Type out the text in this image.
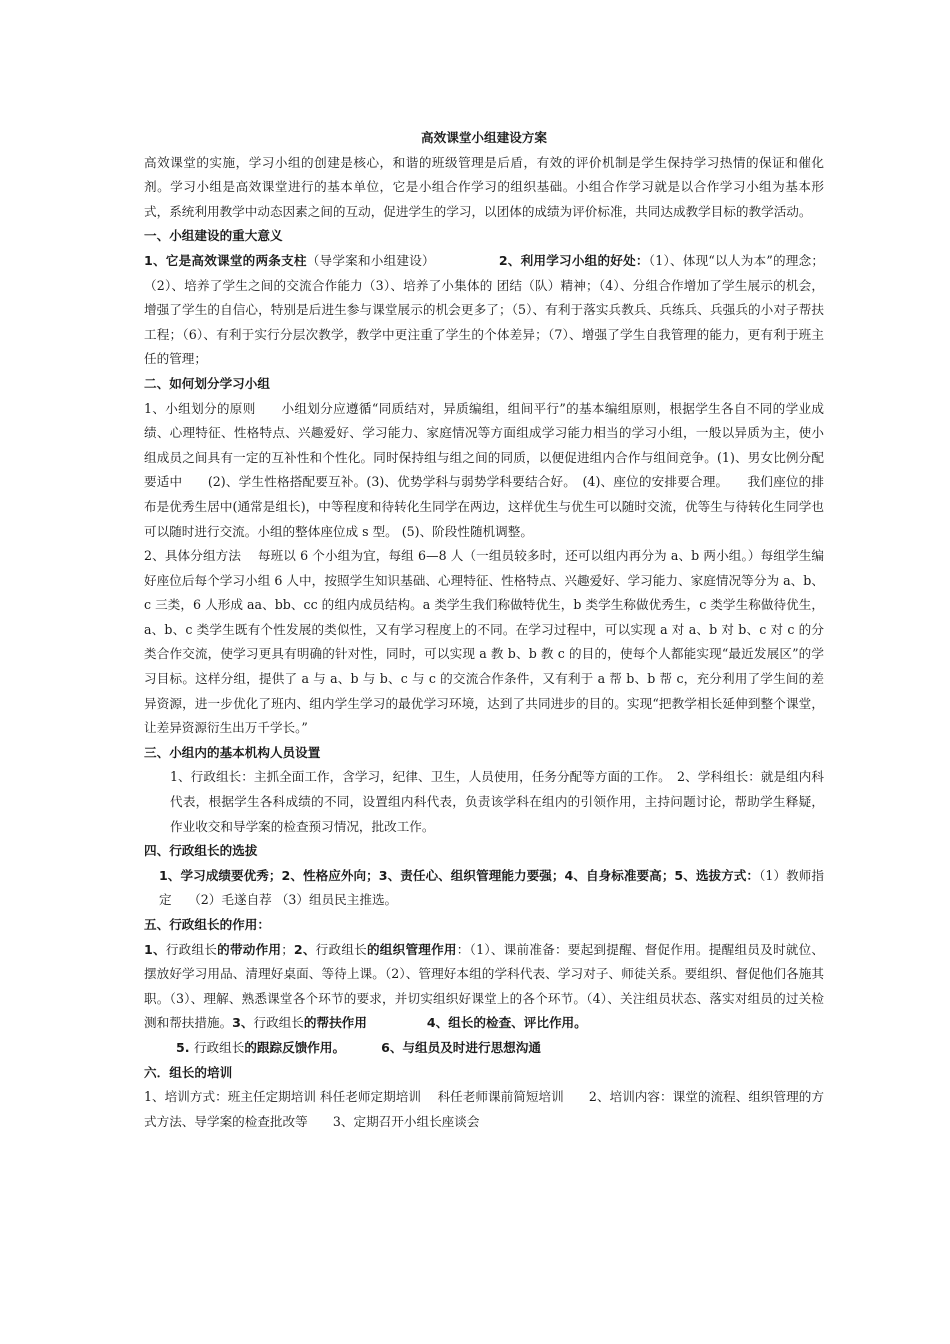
高效课堂小组建设方案

高效课堂的实施，学习小组的创建是核心，和谐的班级管理是后盾，有效的评价机制是学生保持学习热情的保证和催化剂。学习小组是高效课堂进行的基本单位，它是小组合作学习的组织基础。小组合作学习就是以合作学习小组为基本形式，系统利用教学中动态因素之间的互动，促进学生的学习，以团体的成绩为评价标准，共同达成教学目标的教学活动。

一、小组建设的重大意义

1、它是高效课堂的两条支柱（导学案和小组建设）	2、利用学习小组的好处：（1）、体现“以人为本”的理念；（2）、培养了学生之间的交流合作能力（3）、培养了小集体的 团结（队）精神；（4）、分组合作增加了学生展示的机会，增强了学生的自信心，特别是后进生参与课堂展示的机会更多了；（5）、有利于落实兵教兵、兵练兵、兵强兵的小对子帮扶工程；（6）、有利于实行分层次教学，教学中更注重了学生的个体差异；（7）、增强了学生自我管理的能力，更有利于班主任的管理；

二、如何划分学习小组

1、小组划分的原则　　小组划分应遵循“同质结对，异质编组，组间平行”的基本编组原则，根据学生各自不同的学业成绩、心理特征、性格特点、兴趣爱好、学习能力、家庭情况等方面组成学习能力相当的学习小组，一般以异质为主，使小组成员之间具有一定的互补性和个性化。同时保持组与组之间的同质，以便促进组内合作与组间竞争。(1)、男女比例分配要适中　　(2)、学生性格搭配要互补。(3)、优势学科与弱势学科要结合好。　(4)、座位的安排要合理。　　我们座位的排布是优秀生居中(通常是组长)，中等程度和待转化生同学在两边，这样优生与优生可以随时交流，优等生与待转化生同学也可以随时进行交流。小组的整体座位成 s 型。 (5)、阶段性随机调整。

2、具体分组方法　 每班以 6 个小组为宜，每组 6—8 人（一组员较多时，还可以组内再分为 a、b 两小组。）每组学生编好座位后每个学习小组 6 人中，按照学生知识基础、心理特征、性格特点、兴趣爱好、学习能力、家庭情况等分为 a、b、c 三类，6 人形成 aa、bb、cc 的组内成员结构。a 类学生我们称做特优生，b 类学生称做优秀生，c 类学生称做待优生，a、b、c 类学生既有个性发展的类似性，又有学习程度上的不同。在学习过程中，可以实现 a 对 a、b 对 b、c 对 c 的分类合作交流，使学习更具有明确的针对性，同时，可以实现 a 教 b、b 教 c 的目的，使每个人都能实现“最近发展区”的学习目标。这样分组，提供了 a 与 a、b 与 b、c 与 c 的交流合作条件，又有利于 a 帮 b、b 帮 c，充分利用了学生间的差异资源，进一步优化了班内、组内学生学习的最优学习环境，达到了共同进步的目的。实现“把教学相长延伸到整个课堂，让差异资源衍生出万千学长。”

三、小组内的基本机构人员设置

1、行政组长：主抓全面工作，含学习，纪律、卫生，人员使用，任务分配等方面的工作。　2、学科组长：就是组内科代表，根据学生各科成绩的不同，设置组内科代表，负责该学科在组内的引领作用，主持问题讨论，帮助学生释疑，作业收交和导学案的检查预习情况，批改工作。

四、行政组长的选拔

1、学习成绩要优秀；2、性格应外向；3、责任心、组织管理能力要强；4、自身标准要高；5、选拔方式：（1）教师指定　 （2）毛遂自荐 （3）组员民主推选。

五、行政组长的作用：

1、行政组长的带动作用；2、行政组长的组织管理作用：（1）、课前准备：要起到提醒、督促作用。提醒组员及时就位、摆放好学习用品、清理好桌面、等待上课。（2）、管理好本组的学科代表、学习对子、师徒关系。要组织、督促他们各施其职。（3）、理解、熟悉课堂各个环节的要求，并切实组织好课堂上的各个环节。（4）、关注组员状态、落实对组员的过关检测和帮扶措施。3、行政组长的帮扶作用	4、组长的检查、评比作用。
5. 行政组长的跟踪反馈作用。	6、与组员及时进行思想沟通

六．组长的培训

1、培训方式：班主任定期培训 科任老师定期培训　 科任老师课前简短培训　　2、培训内容：课堂的流程、组织管理的方式方法、导学案的检查批改等　　3、定期召开小组长座谈会
